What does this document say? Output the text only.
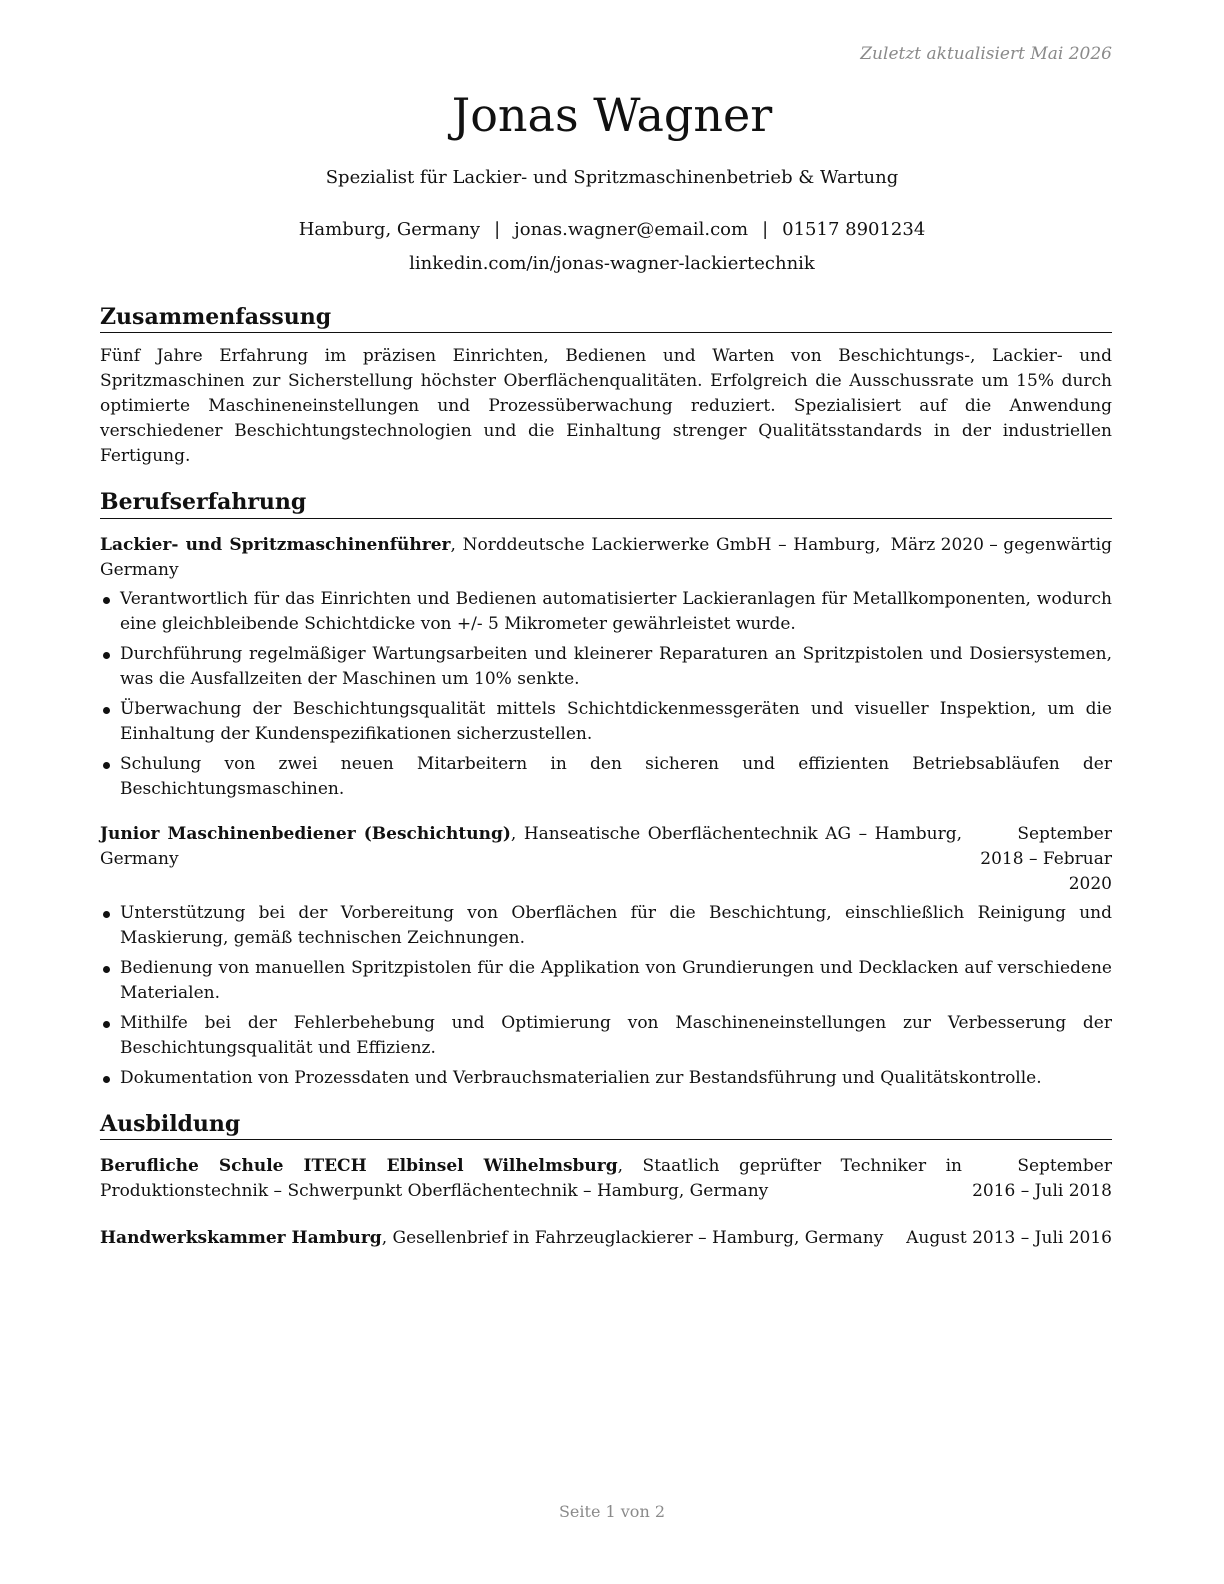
Zuletzt aktualisiert Mai 2026
Jonas Wagner
Spezialist für Lackier- und Spritzmaschinenbetrieb & Wartung
Hamburg, Germany | jonas.wagner@email.com | 01517 8901234
linkedin.com/in/jonas-wagner-lackiertechnik
Zusammenfassung

Fünf Jahre Erfahrung im präzisen Einrichten, Bedienen und Warten von Beschichtungs-, Lackier- und Spritzmaschinen zur Sicherstellung höchster Oberflächenqualitäten. Erfolgreich die Ausschussrate um 15% durch optimierte Maschineneinstellungen und Prozessüberwachung reduziert. Spezialisiert auf die Anwendung verschiedener Beschichtungstechnologien und die Einhaltung strenger Qualitätsstandards in der industriellen Fertigung.

Berufserfahrung
Lackier- und Spritzmaschinenführer, Norddeutsche Lackierwerke GmbH – Hamburg, Germany
März 2020 – gegenwärtig
Verantwortlich für das Einrichten und Bedienen automatisierter Lackieranlagen für Metallkomponenten, wodurch eine gleichbleibende Schichtdicke von +/- 5 Mikrometer gewährleistet wurde.
Durchführung regelmäßiger Wartungsarbeiten und kleinerer Reparaturen an Spritzpistolen und Dosiersystemen, was die Ausfallzeiten der Maschinen um 10% senkte.
Überwachung der Beschichtungsqualität mittels Schichtdickenmessgeräten und visueller Inspektion, um die Einhaltung der Kundenspezifikationen sicherzustellen.
Schulung von zwei neuen Mitarbeitern in den sicheren und effizienten Betriebsabläufen der Beschichtungsmaschinen.
Junior Maschinenbediener (Beschichtung), Hanseatische Oberflächentechnik AG – Hamburg, Germany
September 2018 – Februar 2020
Unterstützung bei der Vorbereitung von Oberflächen für die Beschichtung, einschließlich Reinigung und Maskierung, gemäß technischen Zeichnungen.
Bedienung von manuellen Spritzpistolen für die Applikation von Grundierungen und Decklacken auf verschiedene Materialen.
Mithilfe bei der Fehlerbehebung und Optimierung von Maschineneinstellungen zur Verbesserung der Beschichtungsqualität und Effizienz.
Dokumentation von Prozessdaten und Verbrauchsmaterialien zur Bestandsführung und Qualitätskontrolle.
Ausbildung
Berufliche Schule ITECH Elbinsel Wilhelmsburg, Staatlich geprüfter Techniker in Produktionstechnik – Schwerpunkt Oberflächentechnik – Hamburg, Germany
September 2016 – Juli 2018
Handwerkskammer Hamburg, Gesellenbrief in Fahrzeuglackierer – Hamburg, Germany	August 2013 – Juli 2016
Seite 1 von 2
